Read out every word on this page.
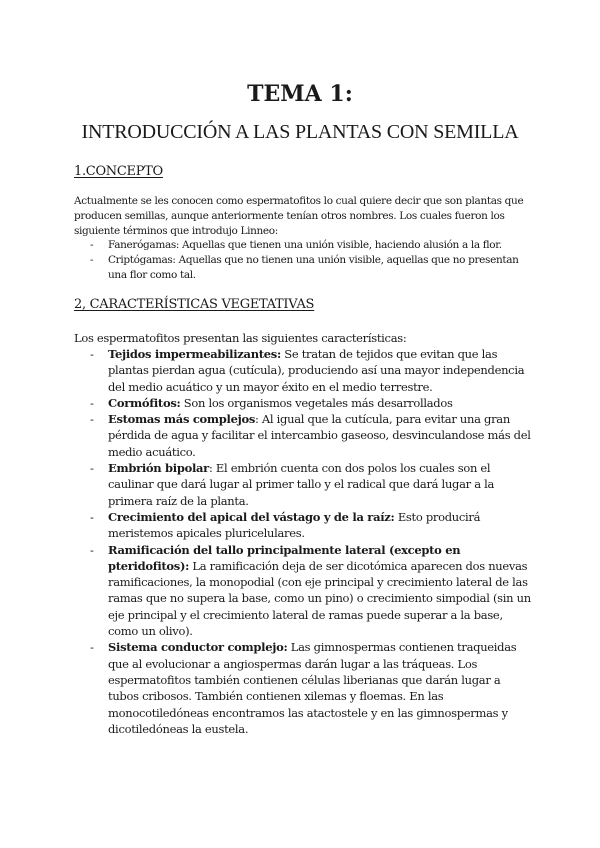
TEMA 1:
INTRODUCCIÓN A LAS PLANTAS CON SEMILLA
1.CONCEPTO
Actualmente se les conocen como espermatofitos lo cual quiere decir que son plantas que producen semillas, aunque anteriormente tenían otros nombres. Los cuales fueron los siguiente términos que introdujo Linneo:
- Fanerógamas: Aquellas que tienen una unión visible, haciendo alusión a la flor.
- Criptógamas: Aquellas que no tienen una unión visible, aquellas que no presentan una flor como tal.
2, CARACTERÍSTICAS VEGETATIVAS
Los espermatofitos presentan las siguientes características:
- Tejidos impermeabilizantes: Se tratan de tejidos que evitan que las plantas pierdan agua (cutícula), produciendo así una mayor independencia del medio acuático y un mayor éxito en el medio terrestre.
- Cormófitos: Son los organismos vegetales más desarrollados
- Estomas más complejos: Al igual que la cutícula, para evitar una gran pérdida de agua y facilitar el intercambio gaseoso, desvinculandose más del medio acuático.
- Embrión bipolar: El embrión cuenta con dos polos los cuales son el caulinar que dará lugar al primer tallo y el radical que dará lugar a la primera raíz de la planta.
- Crecimiento del apical del vástago y de la raíz: Esto producirá meristemos apicales pluricelulares.
- Ramificación del tallo principalmente lateral (excepto en pteridofitos): La ramificación deja de ser dicotómica aparecen dos nuevas ramificaciones, la monopodial (con eje principal y crecimiento lateral de las ramas que no supera la base, como un pino) o crecimiento simpodial (sin un eje principal y el crecimiento lateral de ramas puede superar a la base, como un olivo).
- Sistema conductor complejo: Las gimnospermas contienen traqueidas que al evolucionar a angiospermas darán lugar a las tráqueas. Los espermatofitos también contienen células liberianas que darán lugar a tubos cribosos. También contienen xilemas y floemas. En las monocotiledóneas encontramos las atactostele y en las gimnospermas y dicotiledóneas la eustela.
